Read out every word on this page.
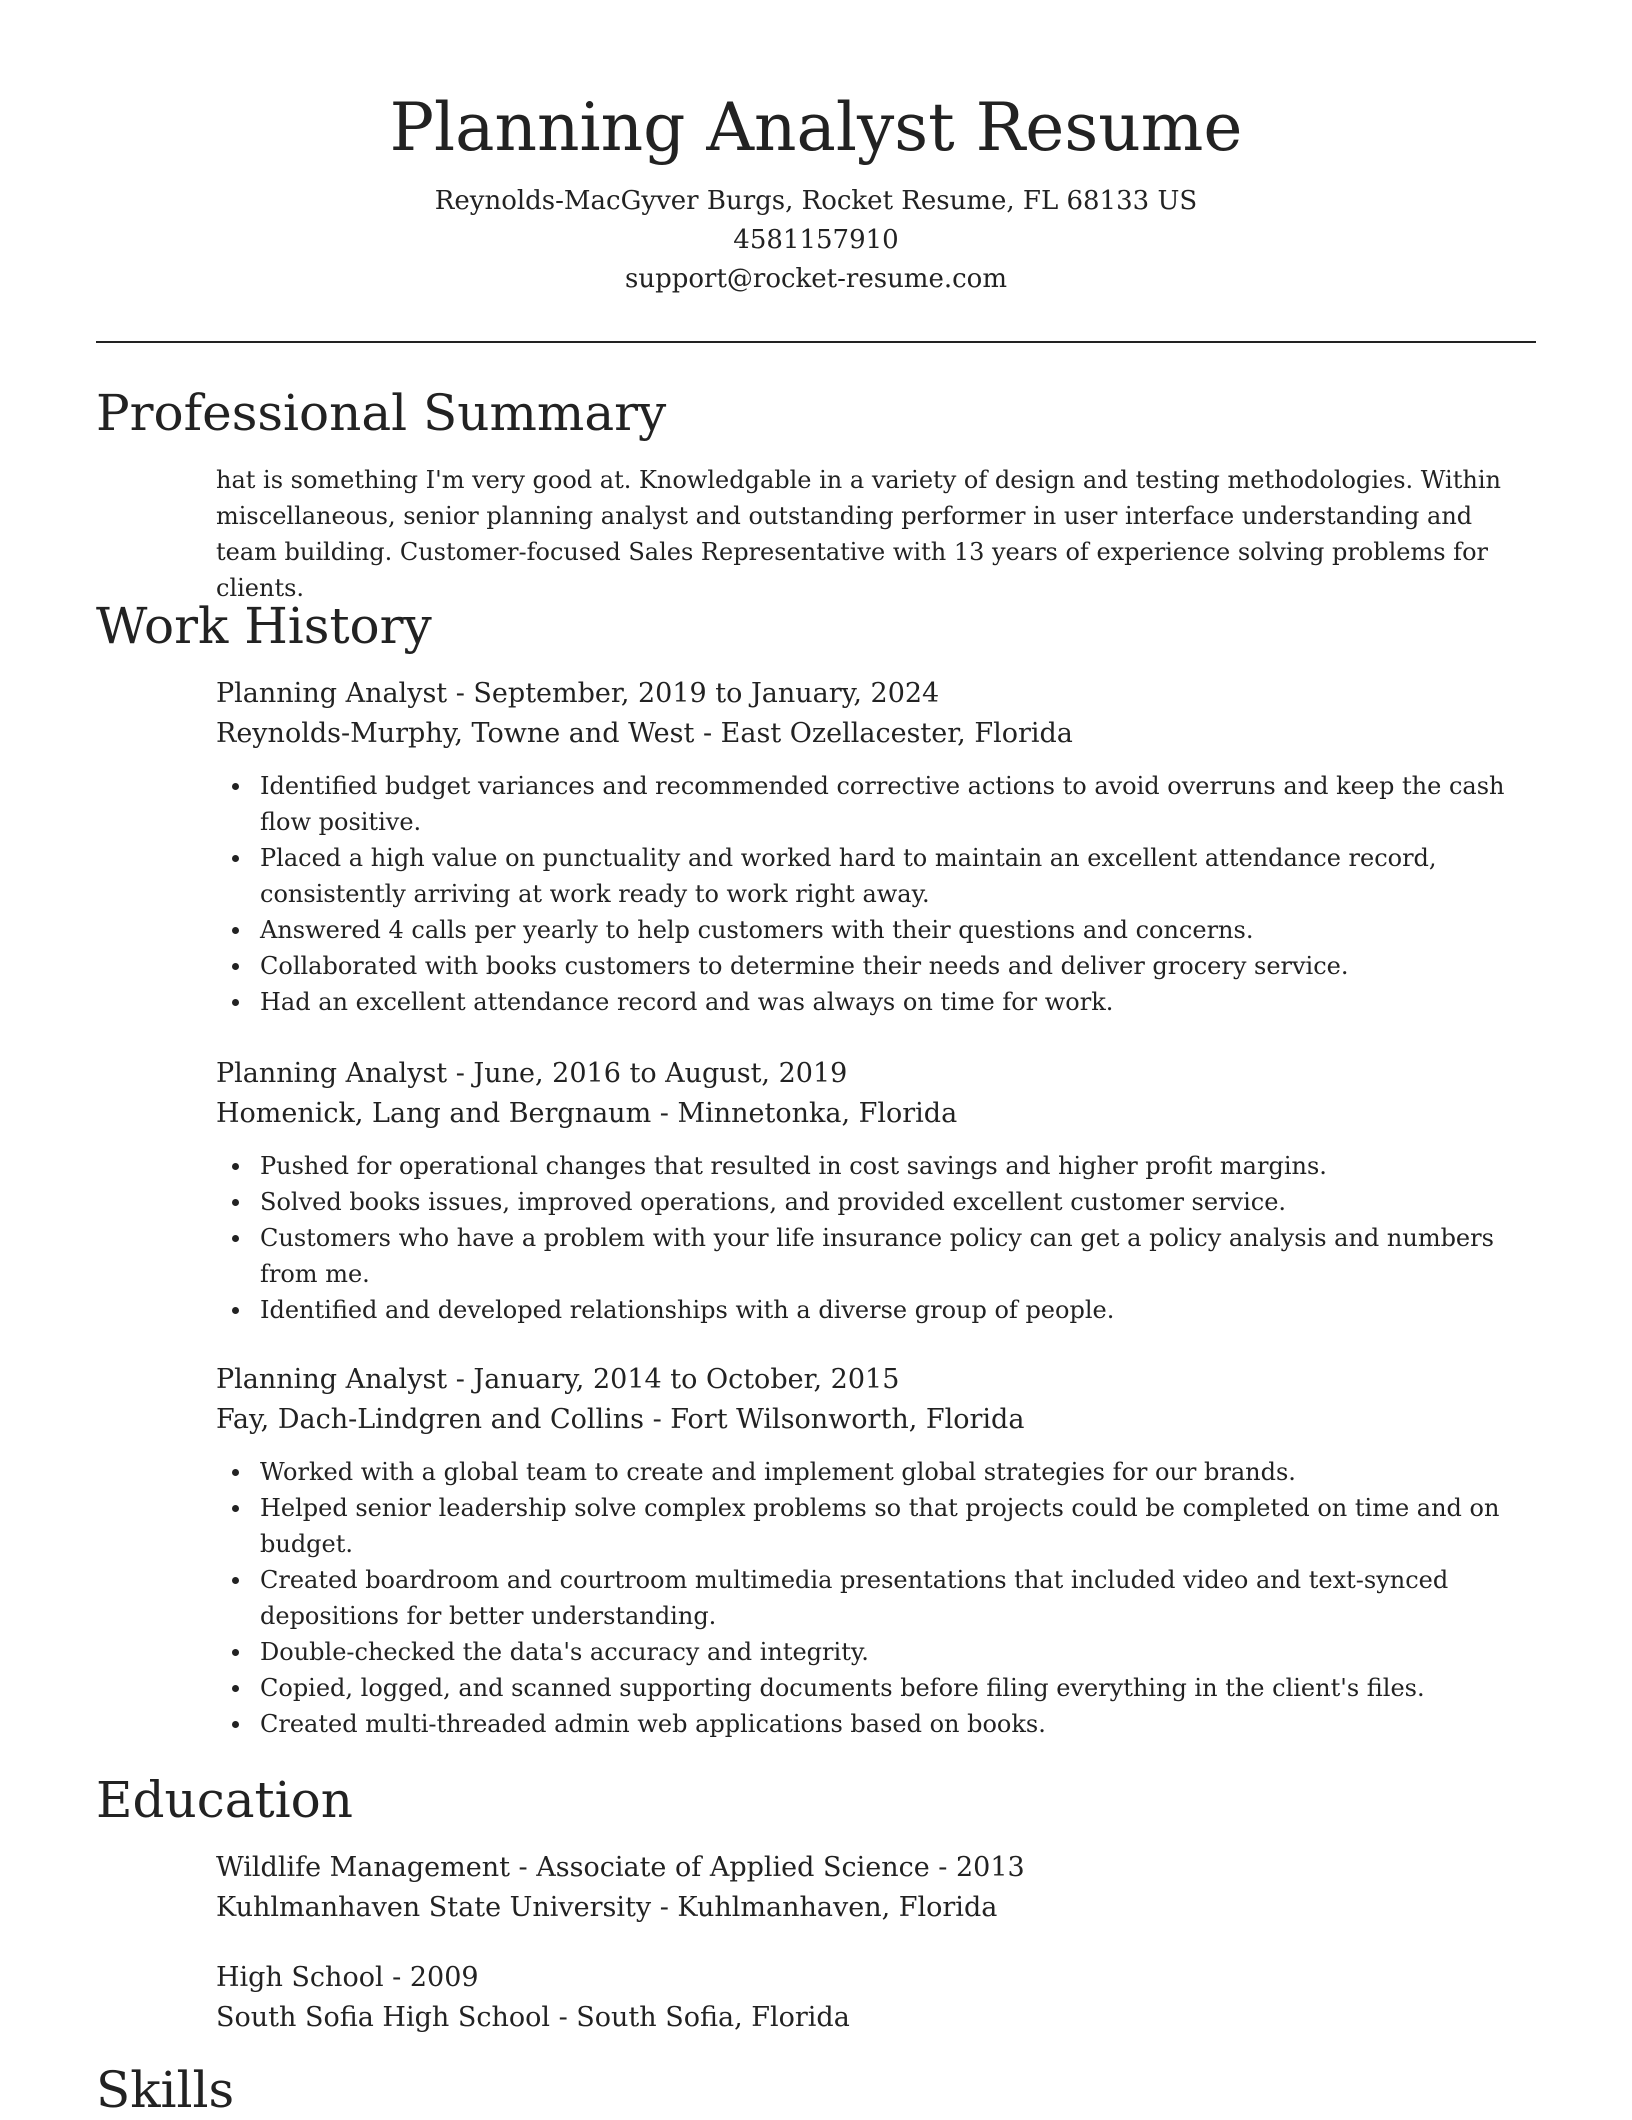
Planning Analyst Resume
Reynolds-MacGyver Burgs, Rocket Resume, FL 68133 US
4581157910
support@rocket-resume.com
Professional Summary
hat is something I'm very good at. Knowledgable in a variety of design and testing methodologies. Within miscellaneous, senior planning analyst and outstanding performer in user interface understanding and team building. Customer-focused Sales Representative with 13 years of experience solving problems for clients.
Work History
Planning Analyst - September, 2019 to January, 2024
Reynolds-Murphy, Towne and West - East Ozellacester, Florida
Identified budget variances and recommended corrective actions to avoid overruns and keep the cash flow positive.
Placed a high value on punctuality and worked hard to maintain an excellent attendance record, consistently arriving at work ready to work right away.
Answered 4 calls per yearly to help customers with their questions and concerns.
Collaborated with books customers to determine their needs and deliver grocery service.
Had an excellent attendance record and was always on time for work.
Planning Analyst - June, 2016 to August, 2019
Homenick, Lang and Bergnaum - Minnetonka, Florida
Pushed for operational changes that resulted in cost savings and higher profit margins.
Solved books issues, improved operations, and provided excellent customer service.
Customers who have a problem with your life insurance policy can get a policy analysis and numbers from me.
Identified and developed relationships with a diverse group of people.
Planning Analyst - January, 2014 to October, 2015
Fay, Dach-Lindgren and Collins - Fort Wilsonworth, Florida
Worked with a global team to create and implement global strategies for our brands.
Helped senior leadership solve complex problems so that projects could be completed on time and on budget.
Created boardroom and courtroom multimedia presentations that included video and text-synced depositions for better understanding.
Double-checked the data's accuracy and integrity.
Copied, logged, and scanned supporting documents before filing everything in the client's files.
Created multi-threaded admin web applications based on books.
Education
Wildlife Management - Associate of Applied Science - 2013
Kuhlmanhaven State University - Kuhlmanhaven, Florida
High School - 2009
South Sofia High School - South Sofia, Florida
Skills
